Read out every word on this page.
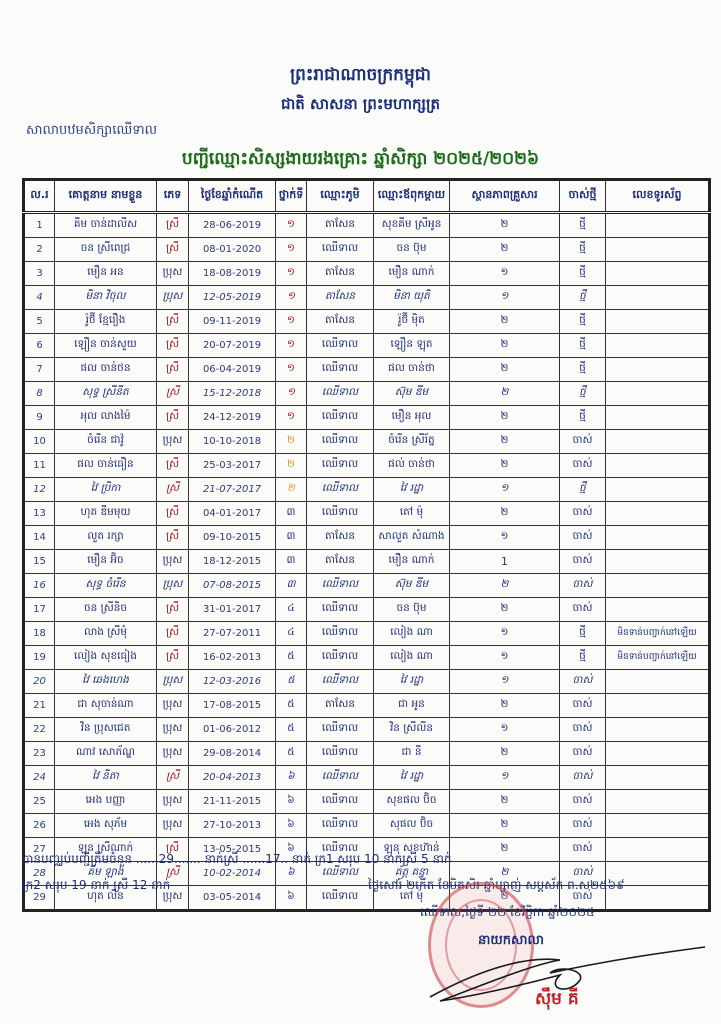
ព្រះរាជាណាចក្រកម្ពុជា
ជាតិ សាសនា ព្រះមហាក្សត្រ
សាលាបឋមសិក្សាឈើទាល
បញ្ជីឈ្មោះសិស្សងាយរងគ្រោះ ឆ្នាំសិក្សា ២០២៥/២០២៦
ល.រ	គោត្តនាម នាមខ្លួន	ភេទ	ថ្ងៃខែឆ្នាំកំណើត	ថ្នាក់ទី	ឈ្មោះភូមិ	ឈ្មោះឪពុកម្ដាយ	ស្ថានភាពគ្រួសារ	ចាស់ថ្មី	លេខទូរស័ព្ទ
1	គីម ចាន់ដាលីស	ស្រី	28-06-2019	១	តាសែន	សុខគីម ស្រីអូន	២	ថ្មី	
2	ចន ស្រីពេជ្រ	ស្រី	08-01-2020	១	ឈើទាល	ចន ប៊ុម	២	ថ្មី	
3	មឿន អន	ប្រុស	18-08-2019	១	តាសែន	មឿន ណាក់	១	ថ្មី	
4	មិនា វិចុល	ប្រុស	12-05-2019	១	តាសែន	មិនា យុតិ	១	ថ្មី	
5	រ៉ូថ៊ី ខ្មែរឿង	ស្រី	09-11-2019	១	តាសែន	រ៉ូថ៊ី ម៉ិត	២	ថ្មី	
6	ឡឿន ចាន់សួយ	ស្រី	20-07-2019	១	ឈើទាល	ឡឿន ឡុត	២	ថ្មី	
7	ផល ចាន់ថន	ស្រី	06-04-2019	១	ឈើទាល	ផល ចាន់ថា	២	ថ្មី	
8	សុទ្ធ ស្រីនីត	ស្រី	15-12-2018	១	ឈើទាល	ស៊ុម ឌីម	២	ថ្មី	
9	អុល លាងម៉ៃ	ស្រី	24-12-2019	១	ឈើទាល	មឿន អុល	២	ថ្មី	
10	ចំរើន ជាវ៉ូ	ប្រុស	10-10-2018	២	ឈើទាល	ចំរើន ស្រីរ័ត្ន	២	ចាស់	
11	ផល ចាន់ធឿន	ស្រី	25-03-2017	២	ឈើទាល	ផល់ ចាន់ថា	២	ចាស់	
12	វៃ ប្រិកា	ស្រី	21-07-2017	២	ឈើទាល	វៃ រដ្ឋា	១	ថ្មី	
13	ហុត ឌីមមុយ	ស្រី	04-01-2017	៣	ឈើទាល	តៅ ម៉ុ	២	ចាស់	
14	លួត រក្សា	ស្រី	09-10-2015	៣	តាសែន	សាលួត សំណាង	១	ចាស់	
15	មឿន អ៊ិច	ប្រុស	18-12-2015	៣	តាសែន	មឿន ណាក់	1	ចាស់	
16	សុទ្ធ ចំរើន	ប្រុស	07-08-2015	៣	ឈើទាល	ស៊ុម ឌីម	២	ចាស់	
17	ចន ស្រីនិច	ស្រី	31-01-2017	៤	ឈើទាល	ចន ប៊ុម	២	ចាស់	
18	លាង ស្រីមុំ	ស្រី	27-07-2011	៤	ឈើទាល	លៀង ណា	១	ថ្មី	មិនទាន់បញ្ជាក់នៅឡើយ
19	លៀង សុខធៀង	ស្រី	16-02-2013	៥	ឈើទាល	លៀង ណា	១	ថ្មី	មិនទាន់បញ្ជាក់នៅឡើយ
20	វៃ ឆេងហេង	ប្រុស	12-03-2016	៥	ឈើទាល	វៃ រដ្ឋា	១	ចាស់	
21	ជា សុចាន់ណា	ប្រុស	17-08-2015	៥	តាសែន	ជា អូន	២	ចាស់	
22	វិន ប្រុសជេត	ប្រុស	01-06-2012	៥	ឈើទាល	វិន ស្រីលីន	១	ចាស់	
23	ណាវ សោភ័ណ្ឌ	ប្រុស	29-08-2014	៥	ឈើទាល	ជា នី	២	ចាស់	
24	វៃ និតា	ស្រី	20-04-2013	៦	ឈើទាល	វៃ រដ្ឋា	១	ចាស់	
25	អេង បញ្ញា	ប្រុស	21-11-2015	៦	ឈើទាល	សុខផល ប៊ិច	២	ចាស់	
26	អេង សុភ័ម	ប្រុស	27-10-2013	៦	ឈើទាល	សុផល ប៊ិច	២	ចាស់	
27	ឡុន ស្រីណាក់	ស្រី	13-05-2015	៦	ឈើទាល	ឡុន សុខហ៊ាន់	២	ចាស់	
28	គីម ឡាង	ស្រី	10-02-2014	៦	ឈើទាល	គ័ត្ត គន្ធា	២	ចាស់	
29	ហុត លីន	ប្រុស	03-05-2014	៦	ឈើទាល	តៅ ម៉ុ	២	ចាស់	
បានបញ្ឈប់បញ្ជីត្រឹមចំនួន ......29....... នាក់ស្រី ......17.. នាក់ ក្រ1 សរុប 10 នាក់ស្រី 5 នាក់
ក្រ2 សរុប 19 នាក់ ស្រី 12 នាក់	ថ្ងៃសៅរ៍ ២កើត ខែមិគសិរ ឆ្នាំម្សាញ់ សប្តស័ក ព.ស២៥៦៩
ឈើទាល,ថ្ងៃទី ២២ ខែវិច្ឆិកា ឆ្នាំ២០២៥
នាយកសាលា
ស៊ឹម គី
